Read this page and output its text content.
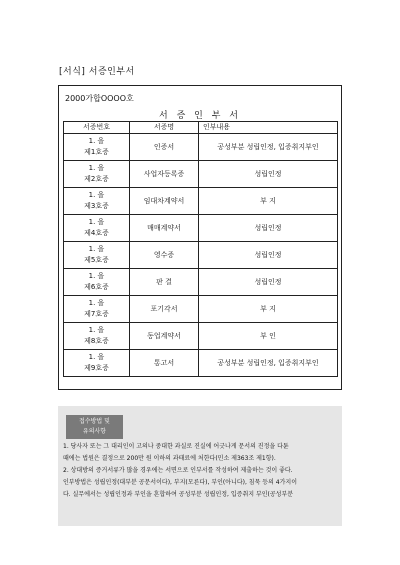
[서식] 서증인부서
2000가합OOOO호
서 증 인 부 서
서증번호	서증명	인부내용

1. 을
제1호증	인증서	공성부분 성립인정, 입증취지부인

1. 을
제2호증	사업자등록증	성립인정

1. 을
제3호증	임대차계약서	부 지

1. 을
제4호증	매매계약서	성립인정

1. 을
제5호증	영수증	성립인정

1. 을
제6호증	판 결	성립인정

1. 을
제7호증	포기각서	부 지

1. 을
제8호증	동업계약서	부 인

1. 을
제9호증	통고서	공성부분 성립인정, 입증취지부인
접수방법 및
유의사항

1. 당사자 또는 그 대리인이 고의나 중대한 과실로 진실에 어긋나게 문서의 진정을 다툰

때에는 법원은 결정으로 200만 원 이하의 과태료에 처한다(민소 제363조 제1항).

2. 상대방의 증거서류가 많을 경우에는 서면으로 인부서를 작성하여 제출하는 것이 좋다.

인부방법은 성립인정(대부분 공문서이다), 부지(모른다), 부인(아니다), 침묵 등의 4가지이

다. 실무에서는 성립인정과 부인을 혼합하여 공성부분 성립인정, 입증취지 부인(공성부분
